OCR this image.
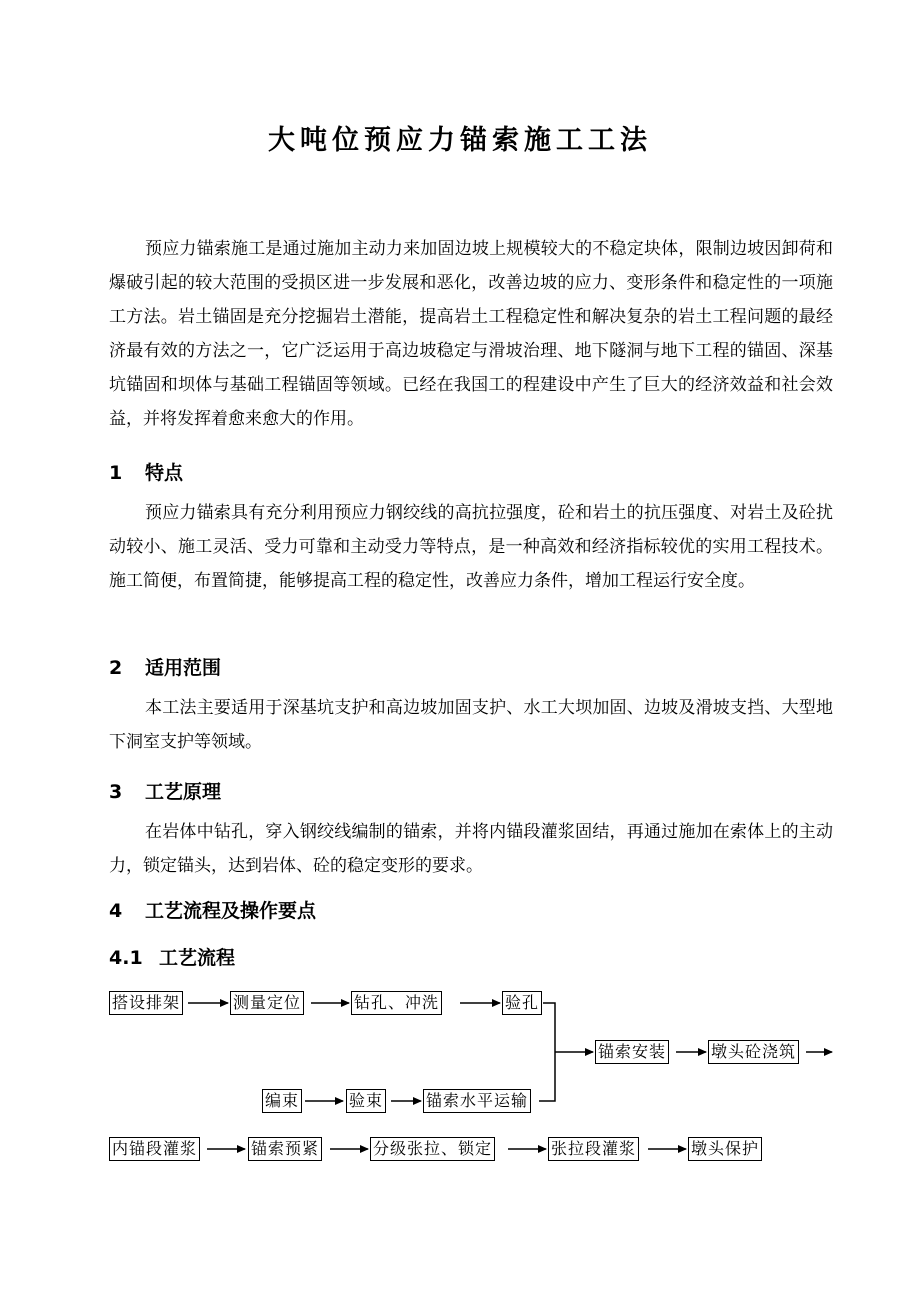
大吨位预应力锚索施工工法

预应力锚索施工是通过施加主动力来加固边坡上规模较大的不稳定块体，限制边坡因卸荷和爆破引起的较大范围的受损区进一步发展和恶化，改善边坡的应力、变形条件和稳定性的一项施工方法。岩土锚固是充分挖掘岩土潜能，提高岩土工程稳定性和解决复杂的岩土工程问题的最经济最有效的方法之一，它广泛运用于高边坡稳定与滑坡治理、地下隧洞与地下工程的锚固、深基坑锚固和坝体与基础工程锚固等领域。已经在我国工的程建设中产生了巨大的经济效益和社会效益，并将发挥着愈来愈大的作用。

1 特点

预应力锚索具有充分利用预应力钢绞线的高抗拉强度，砼和岩土的抗压强度、对岩土及砼扰动较小、施工灵活、受力可靠和主动受力等特点，是一种高效和经济指标较优的实用工程技术。施工简便，布置简捷，能够提高工程的稳定性，改善应力条件，增加工程运行安全度。

2 适用范围

本工法主要适用于深基坑支护和高边坡加固支护、水工大坝加固、边坡及滑坡支挡、大型地下洞室支护等领域。

3 工艺原理

在岩体中钻孔，穿入钢绞线编制的锚索，并将内锚段灌浆固结，再通过施加在索体上的主动力，锁定锚头，达到岩体、砼的稳定变形的要求。

4 工艺流程及操作要点
4.1 工艺流程
搭设排架	测量定位	钻孔、冲洗	验孔
锚索安装	墩头砼浇筑
编束	验束	锚索水平运输
内锚段灌浆	锚索预紧	分级张拉、锁定	张拉段灌浆	墩头保护
